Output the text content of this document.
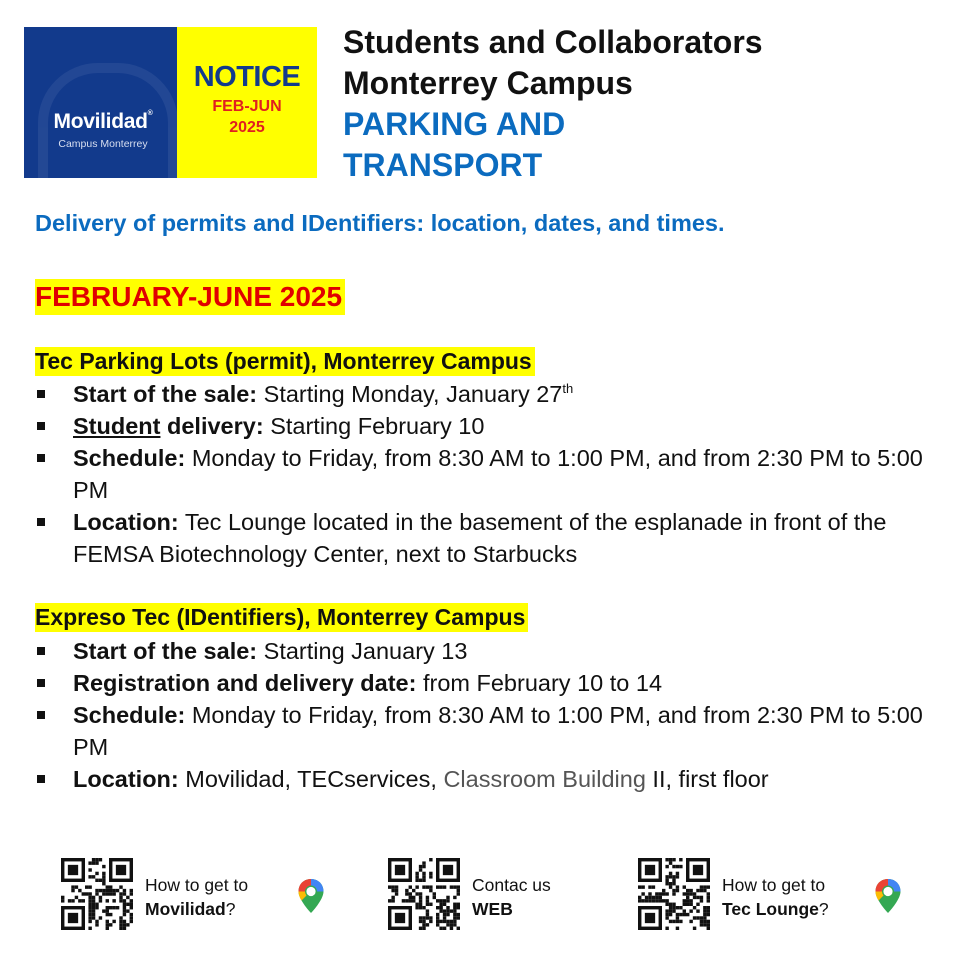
Movilidad®
Campus Monterrey
NOTICE
FEB-JUN
2025
Students and Collaborators
Monterrey Campus
PARKING AND
TRANSPORT
Delivery of permits and IDentifiers: location, dates, and times.
FEBRUARY-JUNE 2025
Tec Parking Lots (permit), Monterrey Campus
Start of the sale: Starting Monday, January 27th
Student delivery: Starting February 10
Schedule: Monday to Friday, from 8:30 AM to 1:00 PM, and from 2:30 PM to 5:00 PM
Location: Tec Lounge located in the basement of the esplanade in front of the FEMSA Biotechnology Center, next to Starbucks
Expreso Tec (IDentifiers), Monterrey Campus
Start of the sale: Starting January 13
Registration and delivery date: from February 10 to 14
Schedule: Monday to Friday, from 8:30 AM to 1:00 PM, and from 2:30 PM to 5:00 PM
Location: Movilidad, TECservices, Classroom Building II, first floor
How to get to
Movilidad?
Contac us
WEB
How to get to
Tec Lounge?
